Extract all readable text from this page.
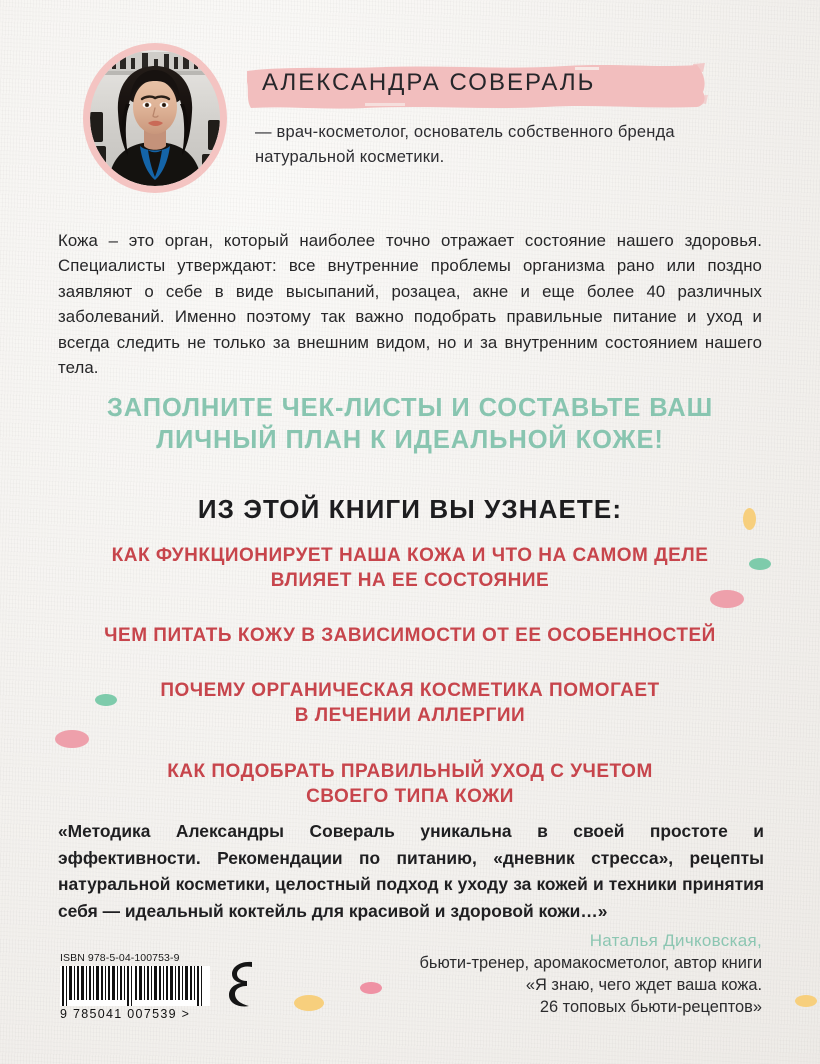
АЛЕКСАНДРА СОВЕРАЛЬ
— врач-косметолог, основатель собственного бренда натуральной косметики.
Кожа – это орган, который наиболее точно отражает состояние нашего здоровья. Специалисты утверждают: все внутренние проблемы организма рано или поздно заявляют о себе в виде высыпаний, розацеа, акне и еще более 40 различных заболеваний. Именно поэтому так важно подобрать правильные питание и уход и всегда следить не только за внешним видом, но и за внутренним состоянием нашего тела.
ЗАПОЛНИТЕ ЧЕК-ЛИСТЫ И СОСТАВЬТЕ ВАШ
ЛИЧНЫЙ ПЛАН К ИДЕАЛЬНОЙ КОЖЕ!
ИЗ ЭТОЙ КНИГИ ВЫ УЗНАЕТЕ:
КАК ФУНКЦИОНИРУЕТ НАША КОЖА И ЧТО НА САМОМ ДЕЛЕ
ВЛИЯЕТ НА ЕЕ СОСТОЯНИЕ
ЧЕМ ПИТАТЬ КОЖУ В ЗАВИСИМОСТИ ОТ ЕЕ ОСОБЕННОСТЕЙ
ПОЧЕМУ ОРГАНИЧЕСКАЯ КОСМЕТИКА ПОМОГАЕТ
В ЛЕЧЕНИИ АЛЛЕРГИИ
КАК ПОДОБРАТЬ ПРАВИЛЬНЫЙ УХОД С УЧЕТОМ
СВОЕГО ТИПА КОЖИ
«Методика Александры Совераль уникальна в своей простоте и эффективности. Рекомендации по питанию, «дневник стресса», рецепты натуральной косметики, целостный подход к уходу за кожей и техники принятия себя — идеальный коктейль для красивой и здоровой кожи…»
Наталья Дичковская,
бьюти-тренер, аромакосметолог, автор книги
«Я знаю, чего ждет ваша кожа.
26 топовых бьюти-рецептов»
ISBN 978-5-04-100753-9
9 785041 007539 >
